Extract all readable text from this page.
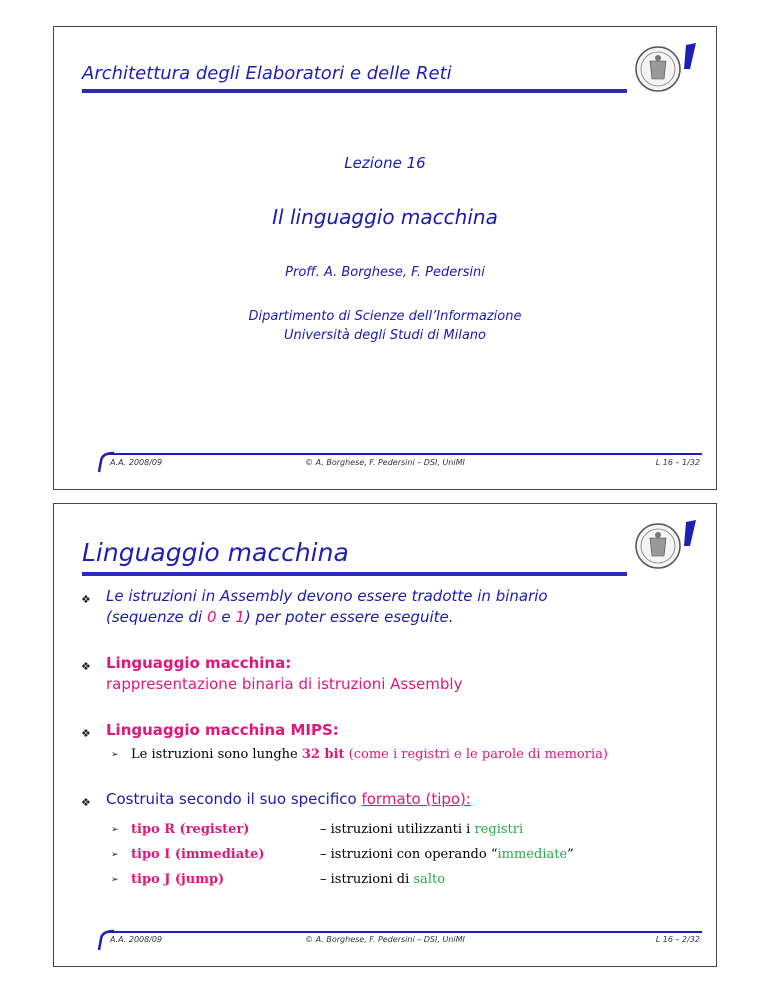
Architettura degli Elaboratori e delle Reti
Lezione 16
Il linguaggio macchina
Proff. A. Borghese, F. Pedersini
Dipartimento di Scienze dell’Informazione
Università degli Studi di Milano
A.A. 2008/09	© A. Borghese, F. Pedersini – DSI, UniMI	L 16 – 1/32
Linguaggio macchina
❖ Le istruzioni in Assembly devono essere tradotte in binario
(sequenze di 0 e 1) per poter essere eseguite.
❖ Linguaggio macchina:
rappresentazione binaria di istruzioni Assembly
❖ Linguaggio macchina MIPS:
➢ Le istruzioni sono lunghe 32 bit (come i registri e le parole di memoria)
❖ Costruita secondo il suo specifico formato (tipo):
➢ tipo R (register)	– istruzioni utilizzanti i registri
➢ tipo I (immediate)	– istruzioni con operando “immediate”
➢ tipo J (jump)	– istruzioni di salto
A.A. 2008/09	© A. Borghese, F. Pedersini – DSI, UniMI	L 16 – 2/32
